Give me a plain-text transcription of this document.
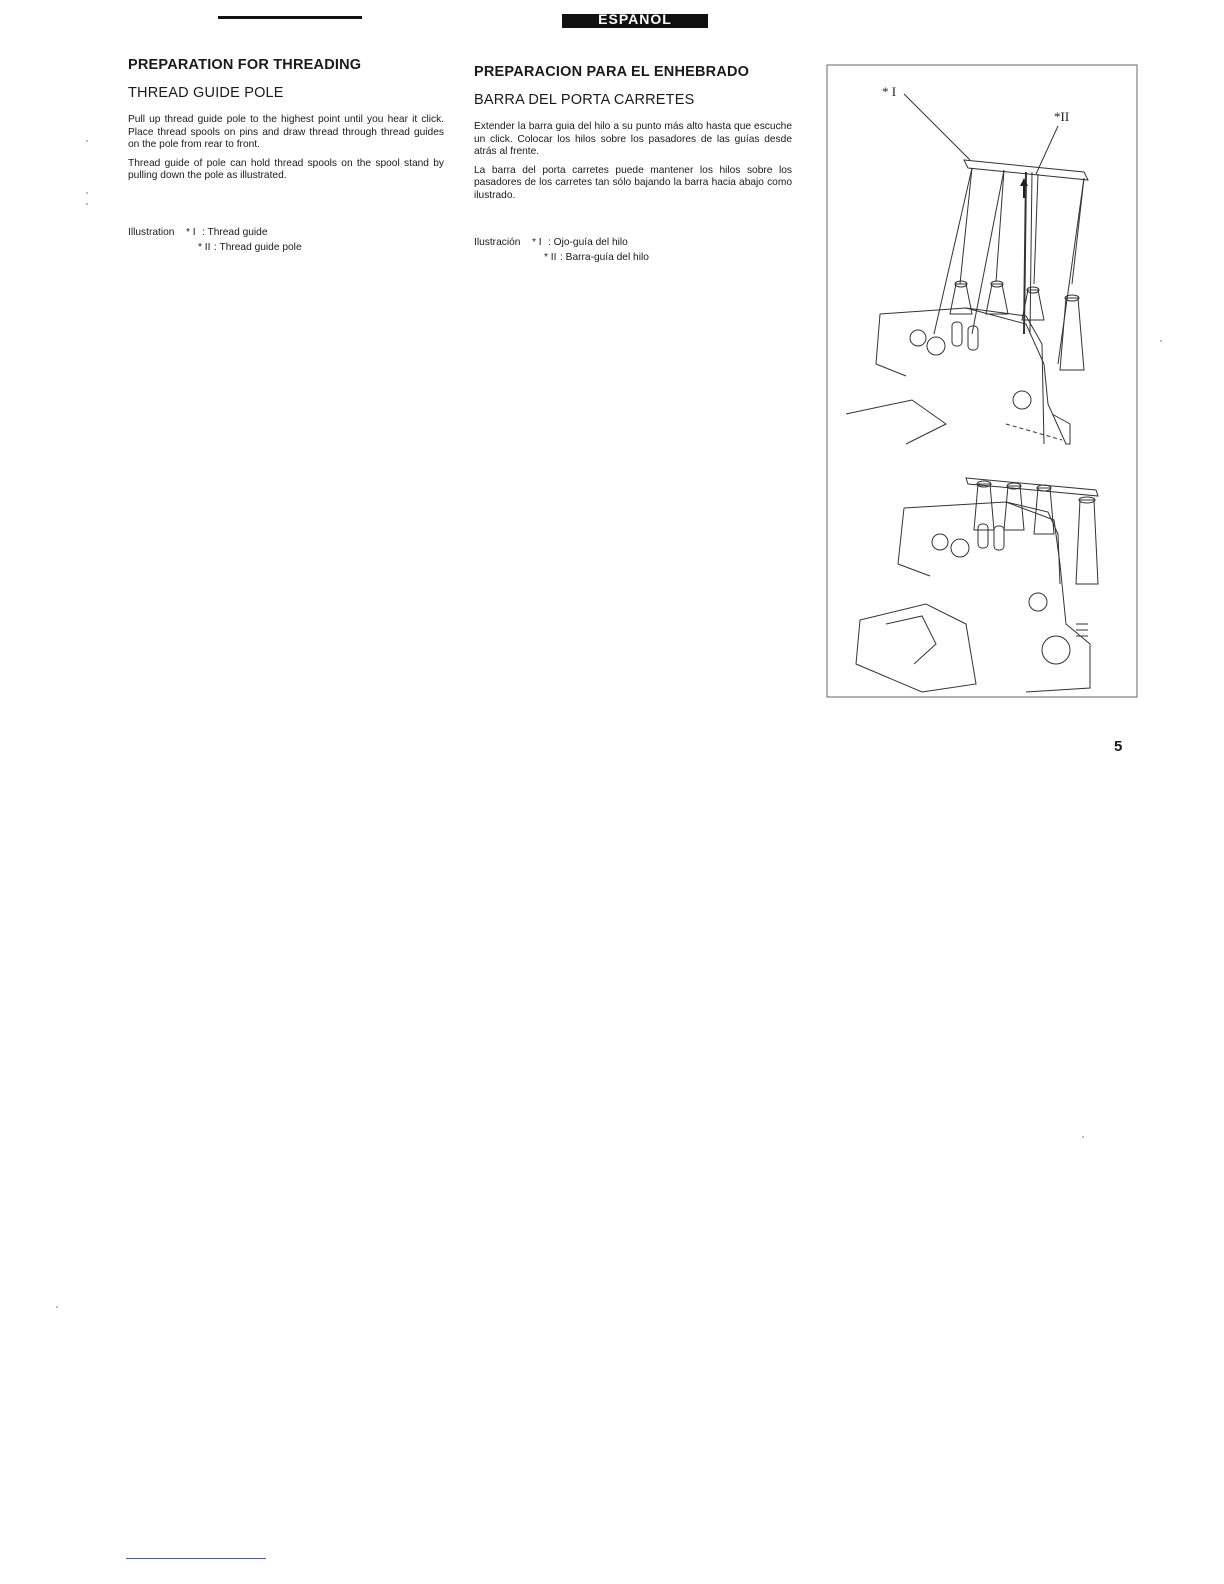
ESPANOL
PREPARATION FOR THREADING
THREAD GUIDE POLE

Pull up thread guide pole to the highest point until you hear it click. Place thread spools on pins and draw thread through thread guides on the pole from rear to front.

Thread guide of pole can hold thread spools on the spool stand by pulling down the pole as illustrated.

Illustration	* I : Thread guide
* II : Thread guide pole
PREPARACION PARA EL ENHEBRADO
BARRA DEL PORTA CARRETES

Extender la barra guia del hilo a su punto más alto hasta que escuche un click. Colocar los hilos sobre los pasadores de las guías desde atrás al frente.

La barra del porta carretes puede mantener los hilos sobre los pasadores de los carretes tan sólo bajando la barra hacia abajo como ilustrado.

Ilustración	* I : Ojo-guía del hilo
* II : Barra-guía del hilo
* I
*II
5
